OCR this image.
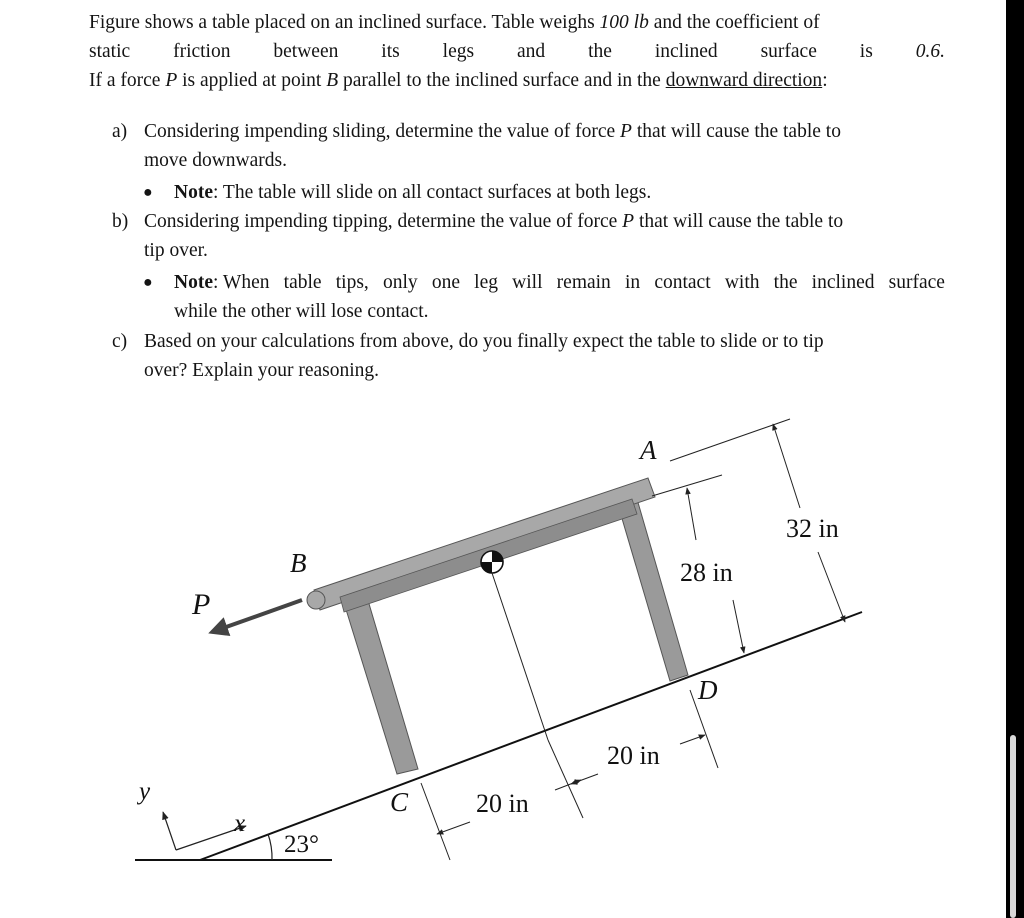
Figure shows a table placed on an inclined surface. Table weighs 100 lb and the coefficient of
static friction between its legs and the inclined surface is 0.6.
If a force P is applied at point B parallel to the inclined surface and in the downward direction:
a) Considering impending sliding, determine the value of force P that will cause the table to
move downwards.
● Note: The table will slide on all contact surfaces at both legs.
b) Considering impending tipping, determine the value of force P that will cause the table to
tip over.
● Note: When table tips, only one leg will remain in contact with the inclined surface
while the other will lose contact.
c) Based on your calculations from above, do you finally expect the table to slide or to tip
over? Explain your reasoning.
A
B
P
C
D
x
y
23°
32 in
28 in
20 in
20 in
